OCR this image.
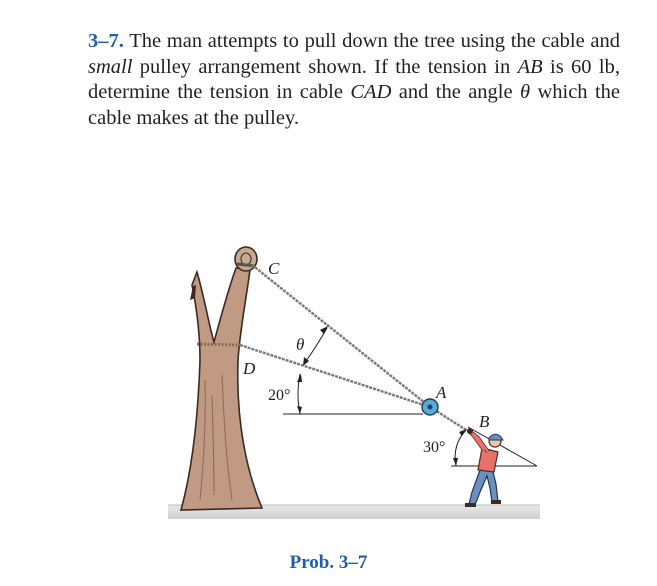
3–7. The man attempts to pull down the tree using the cable and small pulley arrangement shown. If the tension in AB is 60 lb, determine the tension in cable CAD and the angle θ which the cable makes at the pulley.

C
D
A
B
θ
20°
30°
Prob. 3–7
